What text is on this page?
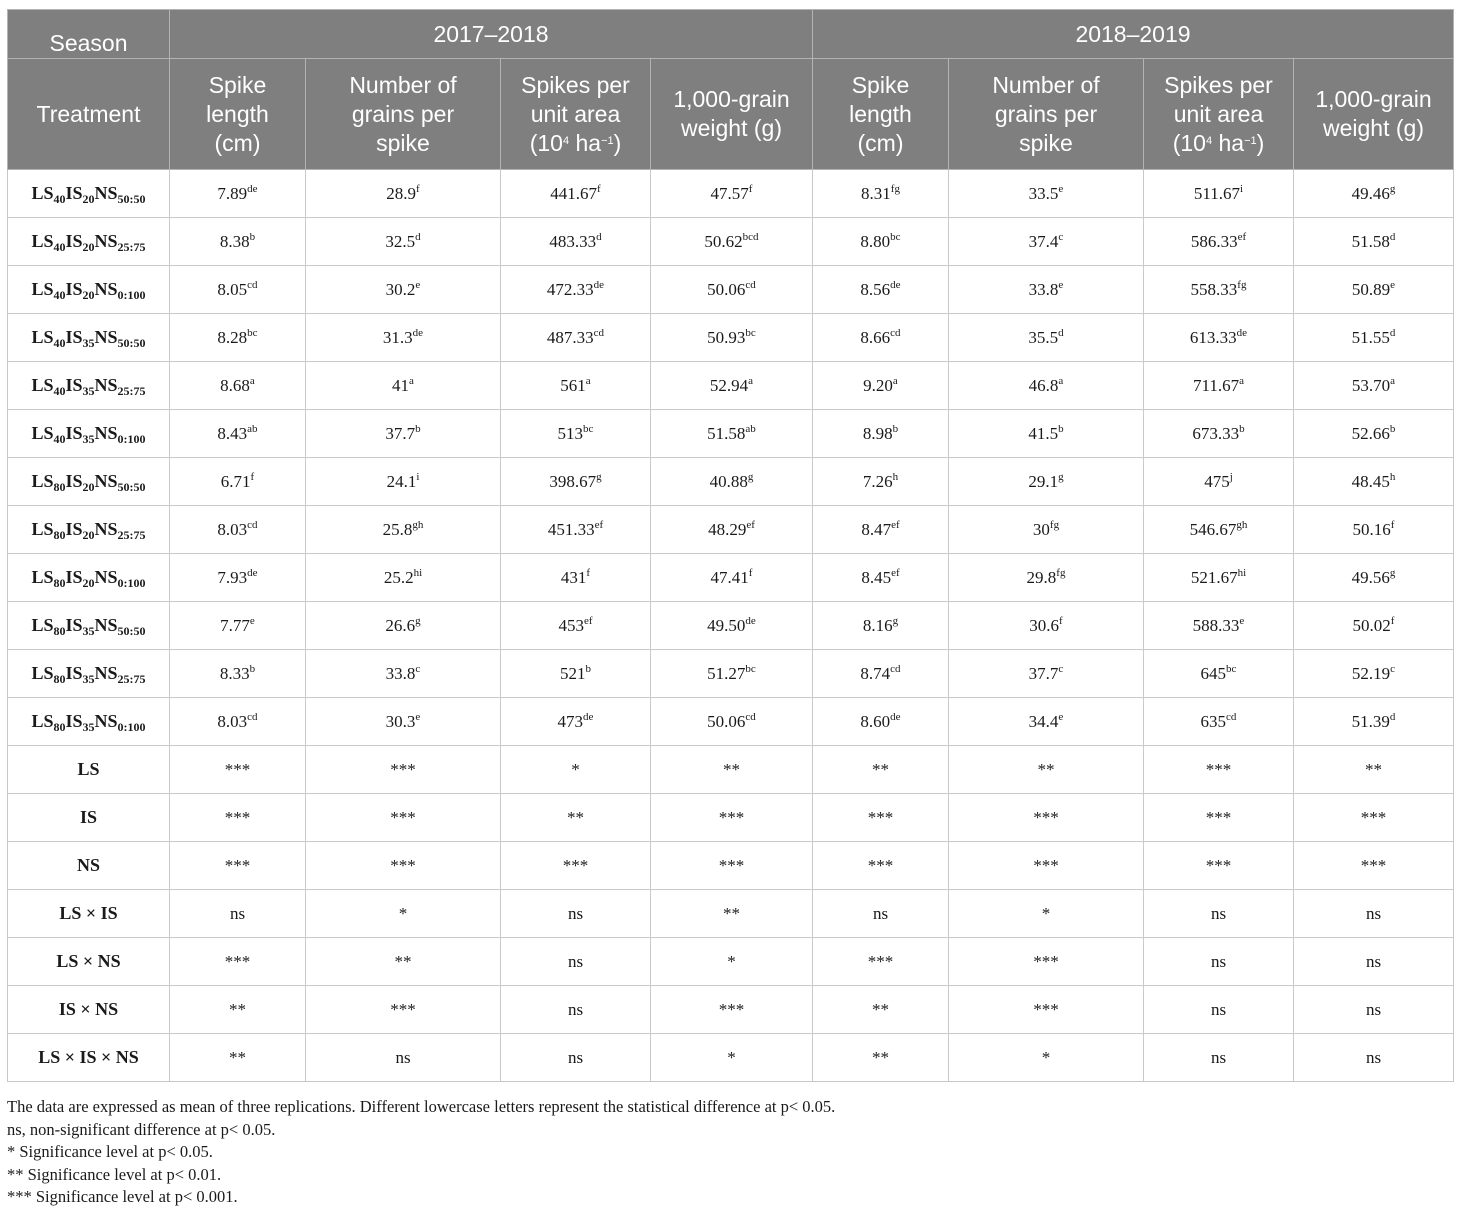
Season	2017–2018				2018–2019			
Treatment	Spike
length
(cm)	Number of
grains per
spike	Spikes per
unit area
($10^4$ $ha^{-1}$)	1,000-grain
weight (g)	Spike
length
(cm)	Number of
grains per
spike	Spikes per
unit area
($10^4$ $ha^{-1}$)	1,000-grain
weight (g)
$LS_{40}IS_{20}NS_{50:50}$	7.89de	28.9$^f$	441.67$^f$	47.57$^f$	8.31$^{fg}$	33.5e	511.67$^i$	49.46$^g$
$LS_{40}IS_{20}NS_{25:75}$	8.38$^b$	32.5$^d$	483.33$^d$	50.62$^{bcd}$	8.80$^{bc}$	37.4$^c$	586.33$^{ef}$	51.58$^d$
$LS_{40}IS_{20}NS_{0:100}$	8.05$^{cd}$	30.2e	472.33de	50.06$^{cd}$	8.56de	33.8e	558.33$^{fg}$	50.89e
$LS_{40}IS_{35}NS_{50:50}$	8.28$^{bc}$	31.3de	487.33$^{cd}$	50.93$^{bc}$	8.66$^{cd}$	35.5$^d$	613.33de	51.55$^d$
$LS_{40}IS_{35}NS_{25:75}$	8.68$^a$	41$^a$	561$^a$	52.94$^a$	9.20$^a$	46.8$^a$	711.67$^a$	53.70$^a$
$LS_{40}IS_{35}NS_{0:100}$	8.43$^{ab}$	37.7$^b$	$513^{bc}$	51.58$^{ab}$	8.98$^b$	41.5$^b$	673.33$^b$	52.66$^b$
$LS_{80}IS_{20}NS_{50:50}$	6.71$^f$	24.1$^i$	398.67$^g$	40.88$^g$	7.26$^h$	29.1$^g$	475$^j$	48.45$^h$
$LS_{80}IS_{20}NS_{25:75}$	8.03$^{cd}$	25.8$^{gh}$	451.33$^{ef}$	48.29$^{ef}$	8.47$^{ef}$	$30^{fg}$	546.67$^{gh}$	50.16$^f$
$LS_{80}IS_{20}NS_{0:100}$	7.93de	$25.2^{hi}$	431$^f$	47.41$^f$	8.45$^{ef}$	29.8$^{fg}$	$521.67^{hi}$	49.56$^g$
$LS_{80}IS_{35}NS_{50:50}$	7.77e	26.6$^g$	$453^{ef}$	49.50de	8.16$^g$	30.6$^f$	588.33e	50.02$^f$
$LS_{80}IS_{35}NS_{25:75}$	8.33$^b$	33.8$^c$	521$^b$	51.27$^{bc}$	8.74$^{cd}$	37.7$^c$	$645^{bc}$	52.19$^c$
$LS_{80}IS_{35}NS_{0:100}$	8.03$^{cd}$	30.3e	473de	50.06$^{cd}$	8.60de	34.4e	$635^{cd}$	51.39$^d$
LS	***	***	*	**	**	**	***	**
IS	***	***	**	***	***	***	***	***
NS	***	***	***	***	***	***	***	***
LS × IS	ns	*	ns	**	ns	*	ns	ns
LS × NS	***	**	ns	*	***	***	ns	ns
IS × NS	**	***	ns	***	**	***	ns	ns
LS × IS × NS	**	ns	ns	*	**	*	ns	ns
The data are expressed as mean of three replications. Different lowercase letters represent the statistical difference at p< 0.05.
ns, non-significant difference at p< 0.05.
* Significance level at p< 0.05.
** Significance level at p< 0.01.
*** Significance level at p< 0.001.
